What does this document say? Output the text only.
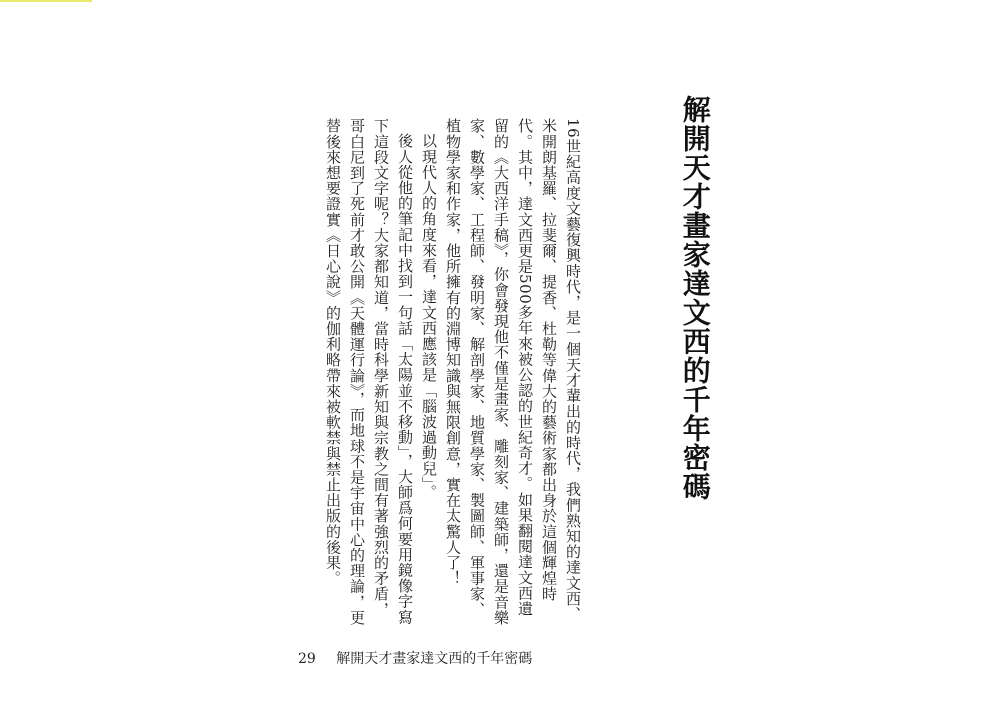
解開天才畫家達文西的千年密碼

16世紀高度文藝復興時代，是一個天才輩出的時代，我們熟知的達文西、米開朗基羅、拉斐爾、提香、杜勒等偉大的藝術家都出身於這個輝煌時代。其中，達文西更是500多年來被公認的世紀奇才。如果翻閱達文西遺留的《大西洋手稿》，你會發現他不僅是畫家、雕刻家、建築師，還是音樂家、數學家、工程師、發明家、解剖學家、地質學家、製圖師、軍事家、植物學家和作家，他所擁有的淵博知識與無限創意，實在太驚人了！

以現代人的角度來看，達文西應該是「腦波過動兒」。

後人從他的筆記中找到一句話「太陽並不移動」，大師爲何要用鏡像字寫下這段文字呢？大家都知道，當時科學新知與宗教之間有著強烈的矛盾，哥白尼到了死前才敢公開《天體運行論》，而地球不是宇宙中心的理論，更替後來想要證實《日心說》的伽利略帶來被軟禁與禁止出版的後果。

29 解開天才畫家達文西的千年密碼
